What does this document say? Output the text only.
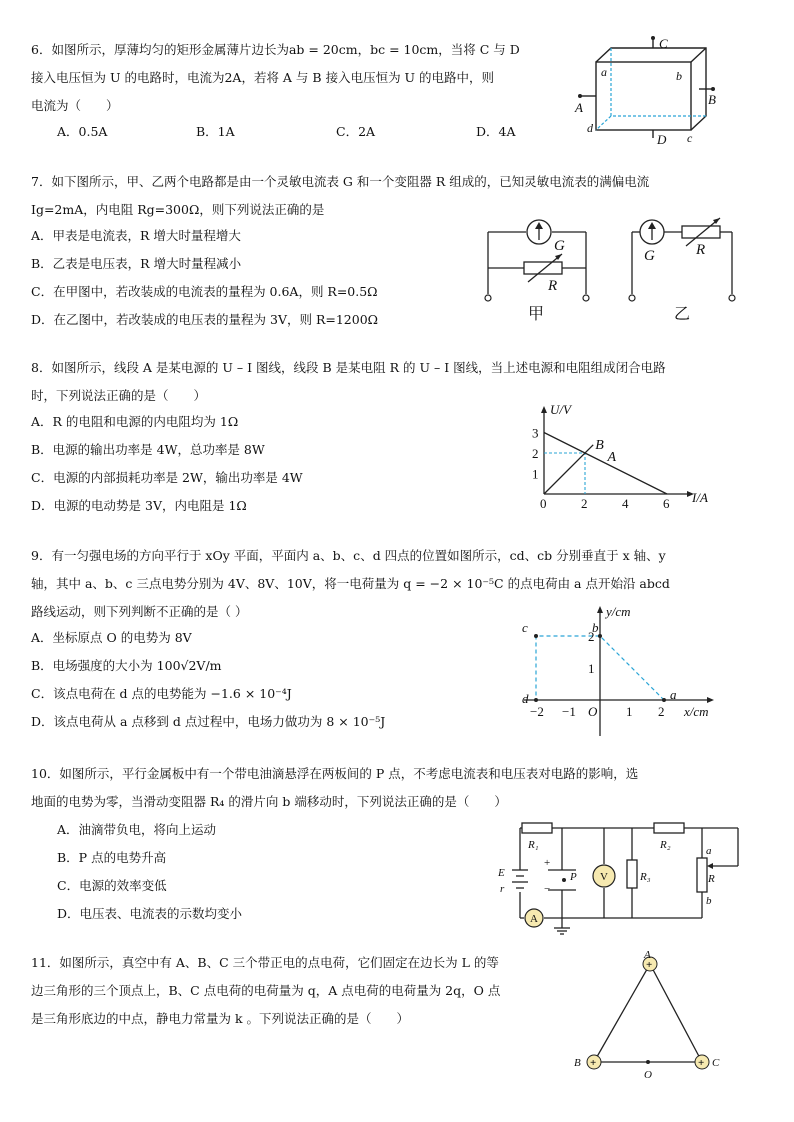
6．如图所示，厚薄均匀的矩形金属薄片边长为ab = 20cm，bc = 10cm，当将 C 与 D
接入电压恒为 U 的电路时，电流为2A，若将 A 与 B 接入电压恒为 U 的电路中，则
电流为（　　）
A．0.5A	B．1A	C．2A	D．4A
C
D
A
B
a	b
c
d
7．如下图所示，甲、乙两个电路都是由一个灵敏电流表 G 和一个变阻器 R 组成的，已知灵敏电流表的满偏电流
Ig=2mA，内电阻 Rg=300Ω，则下列说法正确的是
A．甲表是电流表，R 增大时量程增大
B．乙表是电压表，R 增大时量程减小
C．在甲图中，若改装成的电流表的量程为 0.6A，则 R=0.5Ω
D．在乙图中，若改装成的电压表的量程为 3V，则 R=1200Ω
G
R
甲
G	R
乙
8．如图所示，线段 A 是某电源的 U – I 图线，线段 B 是某电阻 R 的 U – I 图线，当上述电源和电阻组成闭合电路
时，下列说法正确的是（　　）
A．R 的电阻和电源的内电阻均为 1Ω
B．电源的输出功率是 4W，总功率是 8W
C．电源的内部损耗功率是 2W，输出功率是 4W
D．电源的电动势是 3V，内电阻是 1Ω	0	2	4	6
1
2
3
A
B
U/V
I/A
9．有一匀强电场的方向平行于 xOy 平面，平面内 a、b、c、d 四点的位置如图所示，cd、cb 分别垂直于 x 轴、y
轴，其中 a、b、c 三点电势分别为 4V、8V、10V，将一电荷量为 q = −2 × 10⁻⁵C 的点电荷由 a 点开始沿 abcd
路线运动，则下列判断不正确的是（ ）
A．坐标原点 O 的电势为 8V
B．电场强度的大小为 100√2V/m
C．该点电荷在 d 点的电势能为 −1.6 × 10⁻⁴J
D．该点电荷从 a 点移到 d 点过程中，电场力做功为 8 × 10⁻⁵J
−2 −1 O 1 2
1
2
a
b
c
d
y/cm
x/cm
10．如图所示，平行金属板中有一个带电油滴悬浮在两板间的 P 点，不考虑电流表和电压表对电路的影响，选
地面的电势为零，当滑动变阻器 R₄ 的滑片向 b 端移动时，下列说法正确的是（　　）
A．油滴带负电，将向上运动
B．P 点的电势升高
C．电源的效率变低
D．电压表、电流表的示数均变小
R₁	R₂
R₃	R
E
r
P
+
−
V
A
a
b
11．如图所示，真空中有 A、B、C 三个带正电的点电荷，它们固定在边长为 L 的等
边三角形的三个顶点上，B、C 点电荷的电荷量为 q，A 点电荷的电荷量为 2q，O 点
是三角形底边的中点，静电力常量为 k 。下列说法正确的是（　　）
+
+	+
A
B	C
O
